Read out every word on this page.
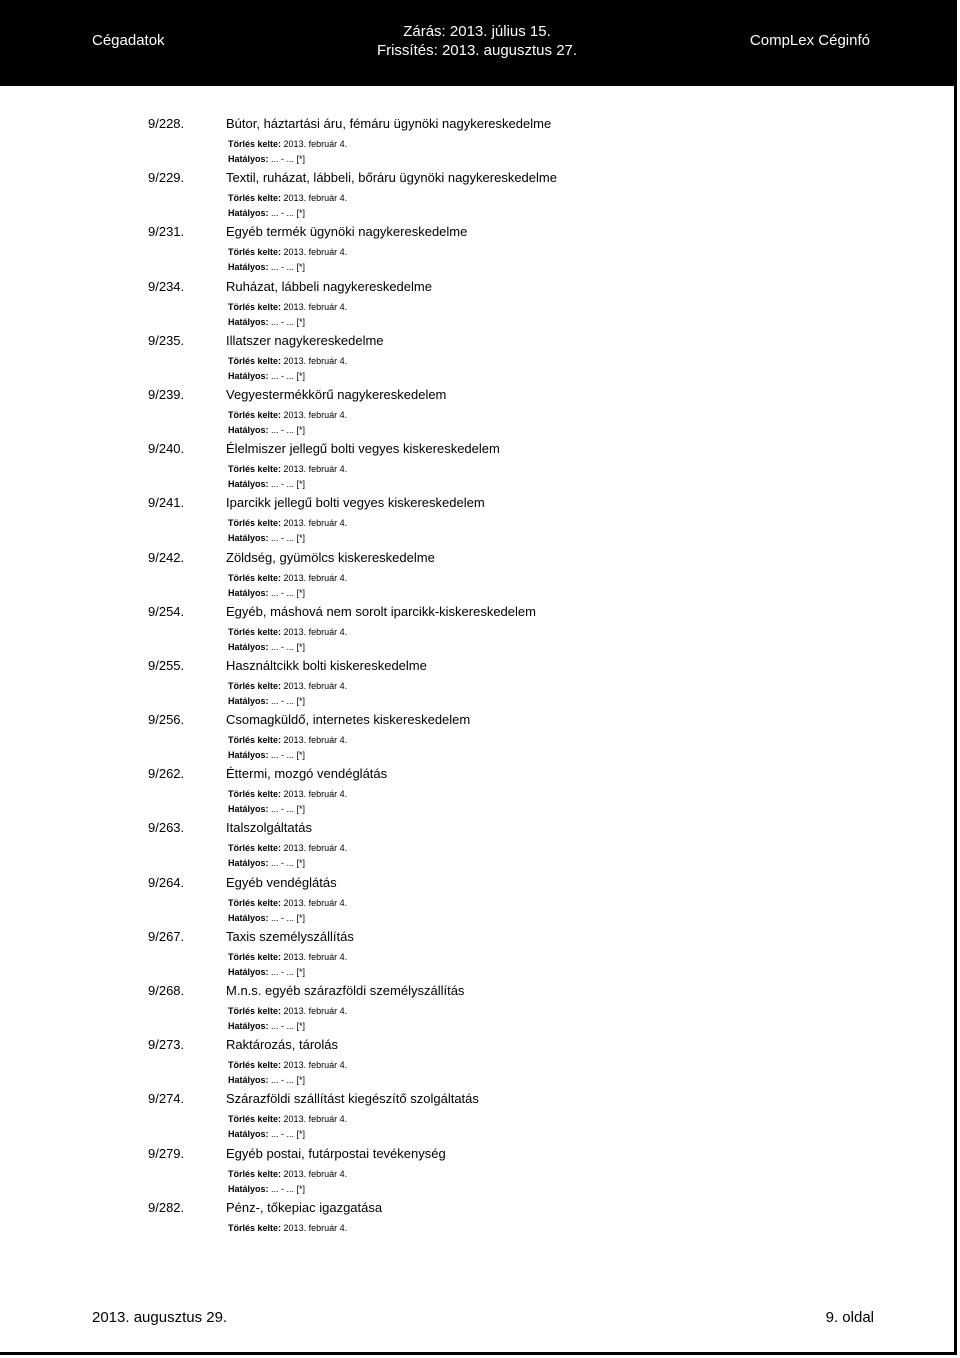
Cégadatok
Zárás: 2013. július 15.
Frissítés: 2013. augusztus 27.
CompLex Céginfó
9/228.	Bútor, háztartási áru, fémáru ügynöki nagykereskedelme
Törlés kelte: 2013. február 4.
Hatályos: ... - ... [*]
9/229.	Textil, ruházat, lábbeli, bőráru ügynöki nagykereskedelme
Törlés kelte: 2013. február 4.
Hatályos: ... - ... [*]
9/231.	Egyéb termék ügynöki nagykereskedelme
Törlés kelte: 2013. február 4.
Hatályos: ... - ... [*]
9/234.	Ruházat, lábbeli nagykereskedelme
Törlés kelte: 2013. február 4.
Hatályos: ... - ... [*]
9/235.	Illatszer nagykereskedelme
Törlés kelte: 2013. február 4.
Hatályos: ... - ... [*]
9/239.	Vegyestermékkörű nagykereskedelem
Törlés kelte: 2013. február 4.
Hatályos: ... - ... [*]
9/240.	Élelmiszer jellegű bolti vegyes kiskereskedelem
Törlés kelte: 2013. február 4.
Hatályos: ... - ... [*]
9/241.	Iparcikk jellegű bolti vegyes kiskereskedelem
Törlés kelte: 2013. február 4.
Hatályos: ... - ... [*]
9/242.	Zöldség, gyümölcs kiskereskedelme
Törlés kelte: 2013. február 4.
Hatályos: ... - ... [*]
9/254.	Egyéb, máshová nem sorolt iparcikk-kiskereskedelem
Törlés kelte: 2013. február 4.
Hatályos: ... - ... [*]
9/255.	Használtcikk bolti kiskereskedelme
Törlés kelte: 2013. február 4.
Hatályos: ... - ... [*]
9/256.	Csomagküldő, internetes kiskereskedelem
Törlés kelte: 2013. február 4.
Hatályos: ... - ... [*]
9/262.	Éttermi, mozgó vendéglátás
Törlés kelte: 2013. február 4.
Hatályos: ... - ... [*]
9/263.	Italszolgáltatás
Törlés kelte: 2013. február 4.
Hatályos: ... - ... [*]
9/264.	Egyéb vendéglátás
Törlés kelte: 2013. február 4.
Hatályos: ... - ... [*]
9/267.	Taxis személyszállítás
Törlés kelte: 2013. február 4.
Hatályos: ... - ... [*]
9/268.	M.n.s. egyéb szárazföldi személyszállítás
Törlés kelte: 2013. február 4.
Hatályos: ... - ... [*]
9/273.	Raktározás, tárolás
Törlés kelte: 2013. február 4.
Hatályos: ... - ... [*]
9/274.	Szárazföldi szállítást kiegészítő szolgáltatás
Törlés kelte: 2013. február 4.
Hatályos: ... - ... [*]
9/279.	Egyéb postai, futárpostai tevékenység
Törlés kelte: 2013. február 4.
Hatályos: ... - ... [*]
9/282.	Pénz-, tőkepiac igazgatása
Törlés kelte: 2013. február 4.
2013. augusztus 29.	9. oldal
